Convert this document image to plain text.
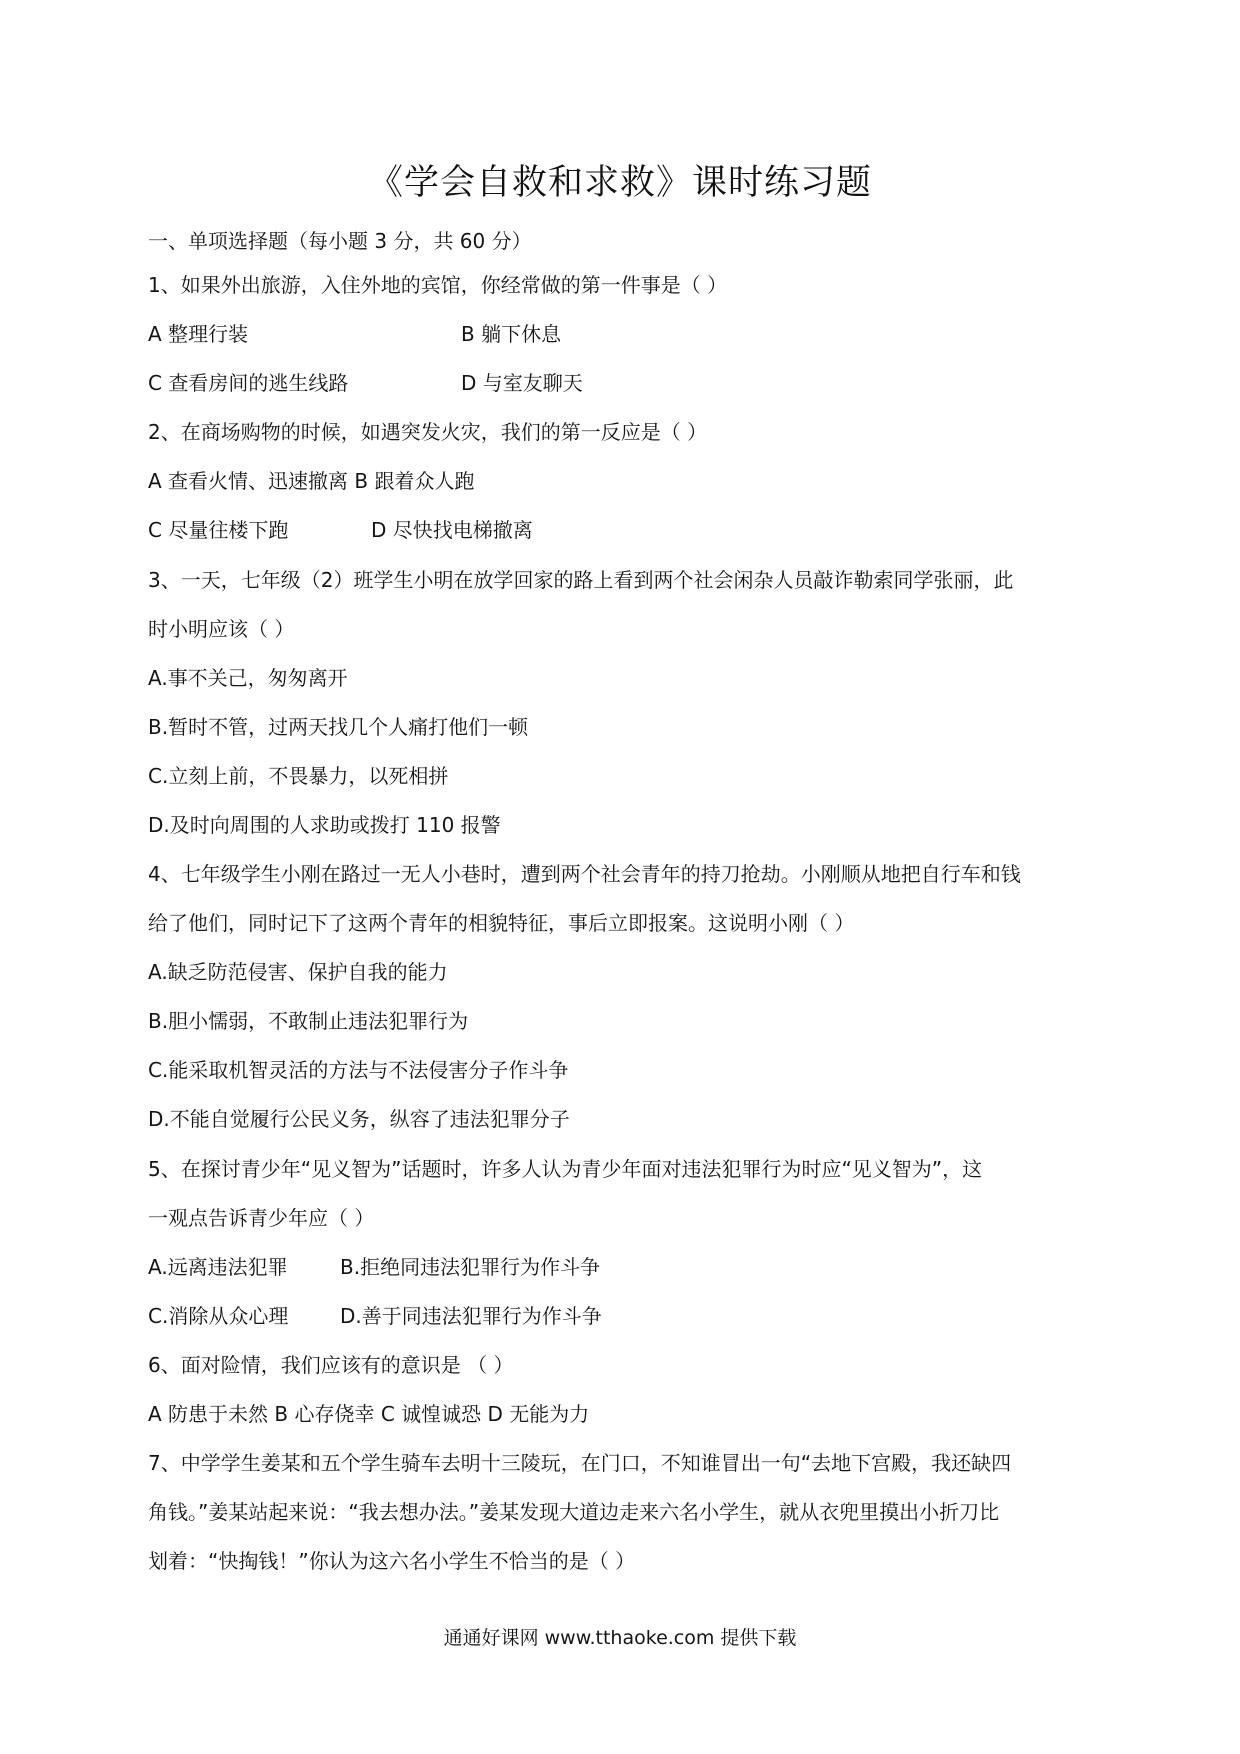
《学会自救和求救》课时练习题
一、单项选择题（每小题 3 分，共 60 分）
1、如果外出旅游，入住外地的宾馆，你经常做的第一件事是（ ）
A 整理行装	B 躺下休息
C 查看房间的逃生线路	D 与室友聊天
2、在商场购物的时候，如遇突发火灾，我们的第一反应是（ ）
A 查看火情、迅速撤离 B 跟着众人跑
C 尽量往楼下跑	D 尽快找电梯撤离
3、一天，七年级（2）班学生小明在放学回家的路上看到两个社会闲杂人员敲诈勒索同学张丽，此
时小明应该（ ）
A.事不关己，匆匆离开
B.暂时不管，过两天找几个人痛打他们一顿
C.立刻上前，不畏暴力，以死相拼
D.及时向周围的人求助或拨打 110 报警
4、七年级学生小刚在路过一无人小巷时，遭到两个社会青年的持刀抢劫。小刚顺从地把自行车和钱
给了他们，同时记下了这两个青年的相貌特征，事后立即报案。这说明小刚（ ）
A.缺乏防范侵害、保护自我的能力
B.胆小懦弱，不敢制止违法犯罪行为
C.能采取机智灵活的方法与不法侵害分子作斗争
D.不能自觉履行公民义务，纵容了违法犯罪分子
5、在探讨青少年“见义智为”话题时，许多人认为青少年面对违法犯罪行为时应“见义智为”，这
一观点告诉青少年应（ ）
A.远离违法犯罪	B.拒绝同违法犯罪行为作斗争
C.消除从众心理	D.善于同违法犯罪行为作斗争
6、面对险情，我们应该有的意识是 （ ）
A 防患于未然 B 心存侥幸 C 诚惶诚恐 D 无能为力
7、中学学生姜某和五个学生骑车去明十三陵玩，在门口，不知谁冒出一句“去地下宫殿，我还缺四
角钱。”姜某站起来说：“我去想办法。”姜某发现大道边走来六名小学生，就从衣兜里摸出小折刀比
划着：“快掏钱！”你认为这六名小学生不恰当的是（ ）
通通好课网 www.tthaoke.com 提供下载
